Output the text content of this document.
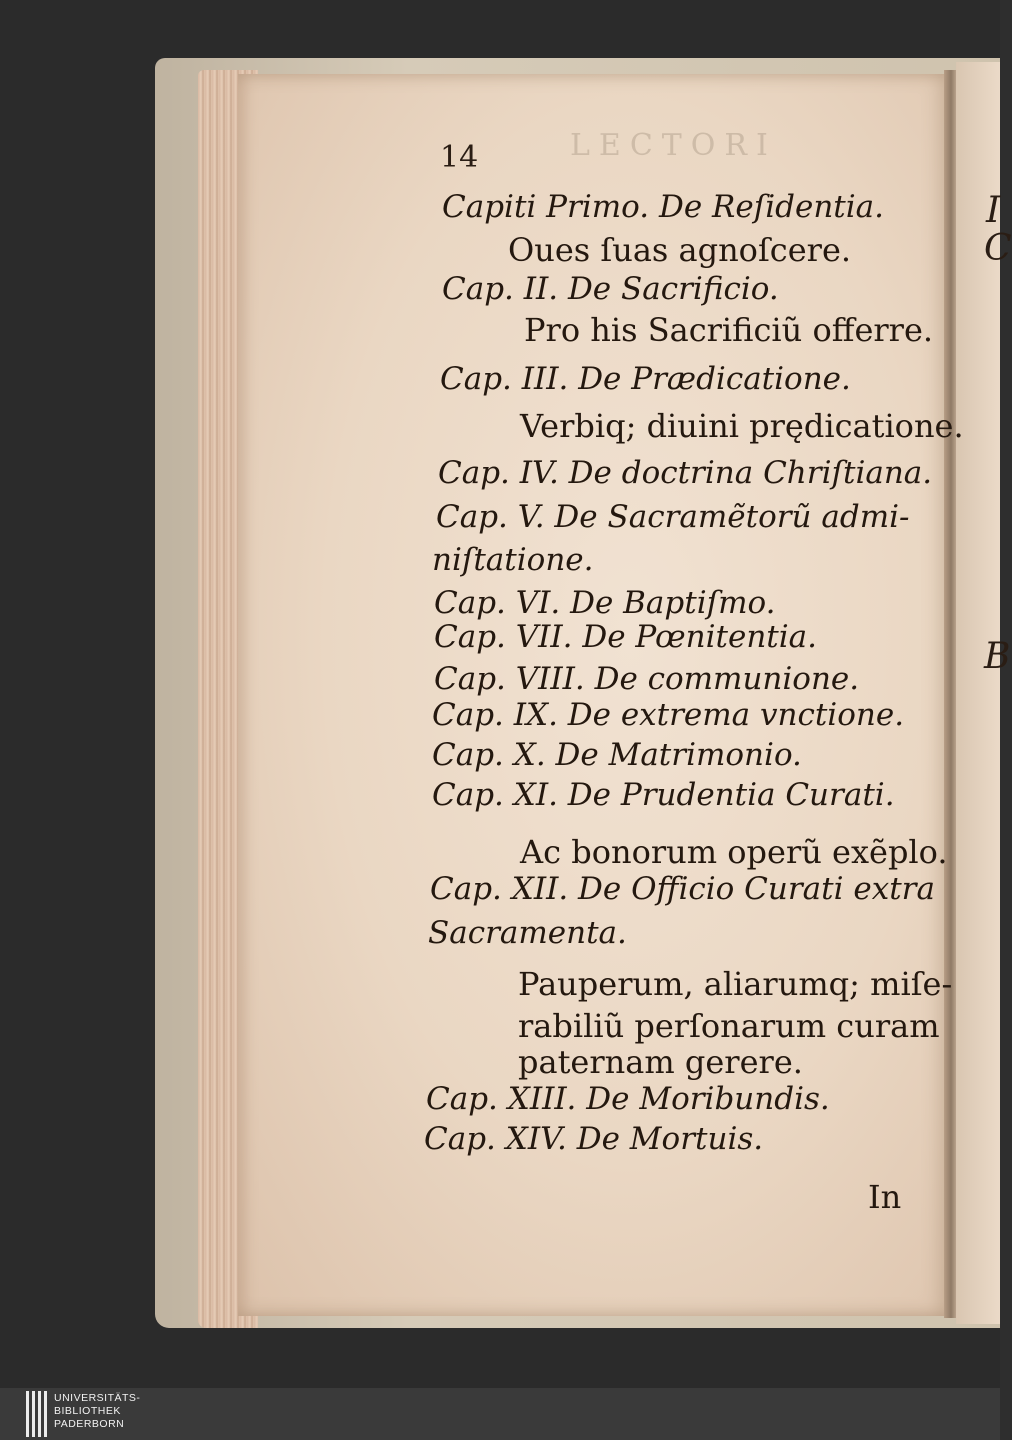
I
C
B
LECTORI
14
Capiti Primo. De Reſidentia.
Oues ſuas agnoſcere.
Cap. II. De Sacrificio.
Pro his Sacrificiũ offerre.
Cap. III. De Prædicatione.
Verbiq; diuini prędicatione.
Cap. IV. De doctrina Chriſtiana.
Cap. V. De Sacramẽtorũ admi-
niſtatione.
Cap. VI. De Baptiſmo.
Cap. VII. De Pœnitentia.
Cap. VIII. De communione.
Cap. IX. De extrema vnctione.
Cap. X. De Matrimonio.
Cap. XI. De Prudentia Curati.
Ac bonorum operũ exẽplo.
Cap. XII. De Officio Curati extra
Sacramenta.
Pauperum, aliarumq; miſe-
rabiliũ perſonarum curam
paternam gerere.
Cap. XIII. De Moribundis.
Cap. XIV. De Mortuis.
In
UNIVERSITÄTS-
BIBLIOTHEK
PADERBORN
